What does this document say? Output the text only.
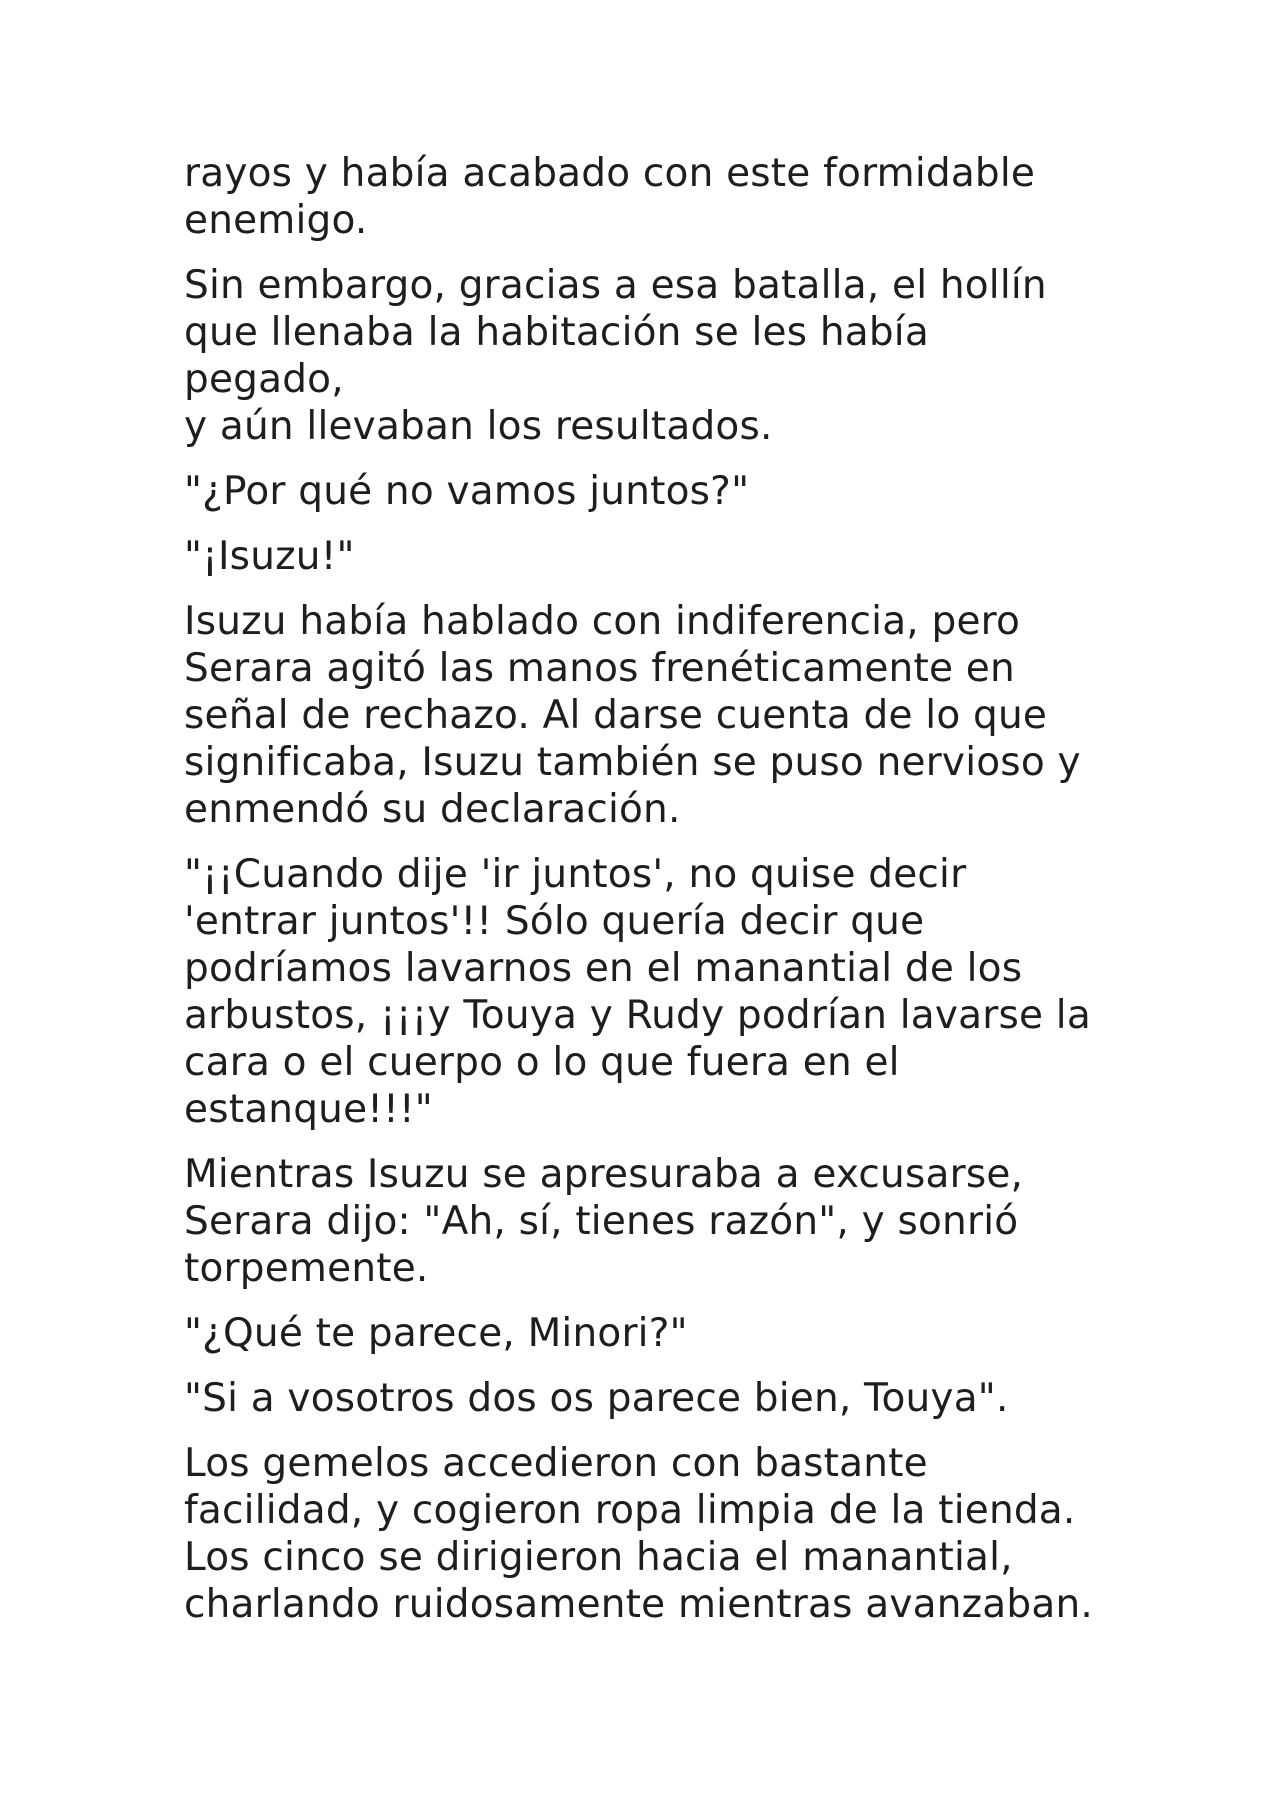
rayos y había acabado con este formidable
enemigo.

Sin embargo, gracias a esa batalla, el hollín
que llenaba la habitación se les había pegado,
y aún llevaban los resultados.

"¿Por qué no vamos juntos?"

"¡Isuzu!"

Isuzu había hablado con indiferencia, pero
Serara agitó las manos frenéticamente en
señal de rechazo. Al darse cuenta de lo que
significaba, Isuzu también se puso nervioso y
enmendó su declaración.

"¡¡Cuando dije 'ir juntos', no quise decir
'entrar juntos'!! Sólo quería decir que
podríamos lavarnos en el manantial de los
arbustos, ¡¡¡y Touya y Rudy podrían lavarse la
cara o el cuerpo o lo que fuera en el
estanque!!!"

Mientras Isuzu se apresuraba a excusarse,
Serara dijo: "Ah, sí, tienes razón", y sonrió
torpemente.

"¿Qué te parece, Minori?"

"Si a vosotros dos os parece bien, Touya".

Los gemelos accedieron con bastante
facilidad, y cogieron ropa limpia de la tienda.
Los cinco se dirigieron hacia el manantial,
charlando ruidosamente mientras avanzaban.
